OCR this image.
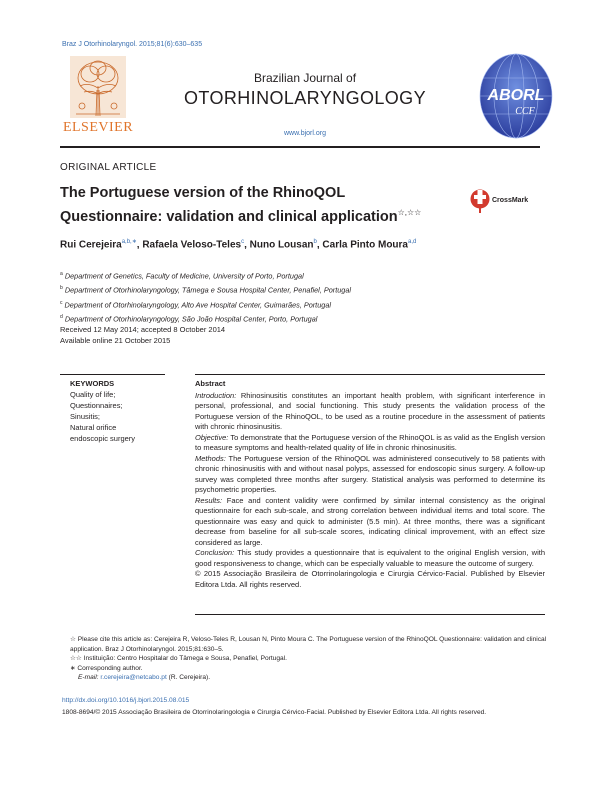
Braz J Otorhinolaryngol. 2015;81(6):630–635
ELSEVIER
Brazilian Journal of
OTORHINOLARYNGOLOGY
www.bjorl.org
ABORL
CCF
ORIGINAL ARTICLE
The Portuguese version of the RhinoQOL
Questionnaire: validation and clinical application☆,☆☆
CrossMark
Rui Cerejeira$^{a,b,∗}$, Rafaela Veloso-Teles$^c$, Nuno Lousan$^b$, Carla Pinto Moura$^{a,d}$
$^a$ Department of Genetics, Faculty of Medicine, University of Porto, Portugal
$^b$ Department of Otorhinolaryngology, Tâmega e Sousa Hospital Center, Penafiel, Portugal
$^c$ Department of Otorhinolaryngology, Alto Ave Hospital Center, Guimarães, Portugal
$^d$ Department of Otorhinolaryngology, São João Hospital Center, Porto, Portugal
Received 12 May 2014; accepted 8 October 2014
Available online 21 October 2015
KEYWORDS
Quality of life;
Questionnaires;
Sinusitis;
Natural orifice
endoscopic surgery
Abstract

Introduction: Rhinosinusitis constitutes an important health problem, with significant interference in personal, professional, and social functioning. This study presents the validation process of the Portuguese version of the RhinoQOL, to be used as a routine procedure in the assessment of patients with chronic rhinosinusitis.

Objective: To demonstrate that the Portuguese version of the RhinoQOL is as valid as the English version to measure symptoms and health-related quality of life in chronic rhinosinusitis.

Methods: The Portuguese version of the RhinoQOL was administered consecutively to 58 patients with chronic rhinosinusitis with and without nasal polyps, assessed for endoscopic sinus surgery. A follow-up survey was completed three months after surgery. Statistical analysis was performed to determine its psychometric properties.

Results: Face and content validity were confirmed by similar internal consistency as the original questionnaire for each sub-scale, and strong correlation between individual items and total score. The questionnaire was easy and quick to administer (5.5 min). At three months, there was a significant decrease from baseline for all sub-scale scores, indicating clinical improvement, with an effect size considered as large.

Conclusion: This study provides a questionnaire that is equivalent to the original English version, with good responsiveness to change, which can be especially valuable to measure the outcome of surgery.

© 2015 Associação Brasileira de Otorrinolaringologia e Cirurgia Cérvico-Facial. Published by Elsevier Editora Ltda. All rights reserved.

☆ Please cite this article as: Cerejeira R, Veloso-Teles R, Lousan N, Pinto Moura C. The Portuguese version of the RhinoQOL Questionnaire: validation and clinical application. Braz J Otorhinolaryngol. 2015;81:630–5.
☆☆ Instituição: Centro Hospitalar do Tâmega e Sousa, Penafiel, Portugal.
∗ Corresponding author.
E-mail: r.cerejeira@netcabo.pt (R. Cerejeira).
http://dx.doi.org/10.1016/j.bjorl.2015.08.015
1808-8694/© 2015 Associação Brasileira de Otorrinolaringologia e Cirurgia Cérvico-Facial. Published by Elsevier Editora Ltda. All rights reserved.
